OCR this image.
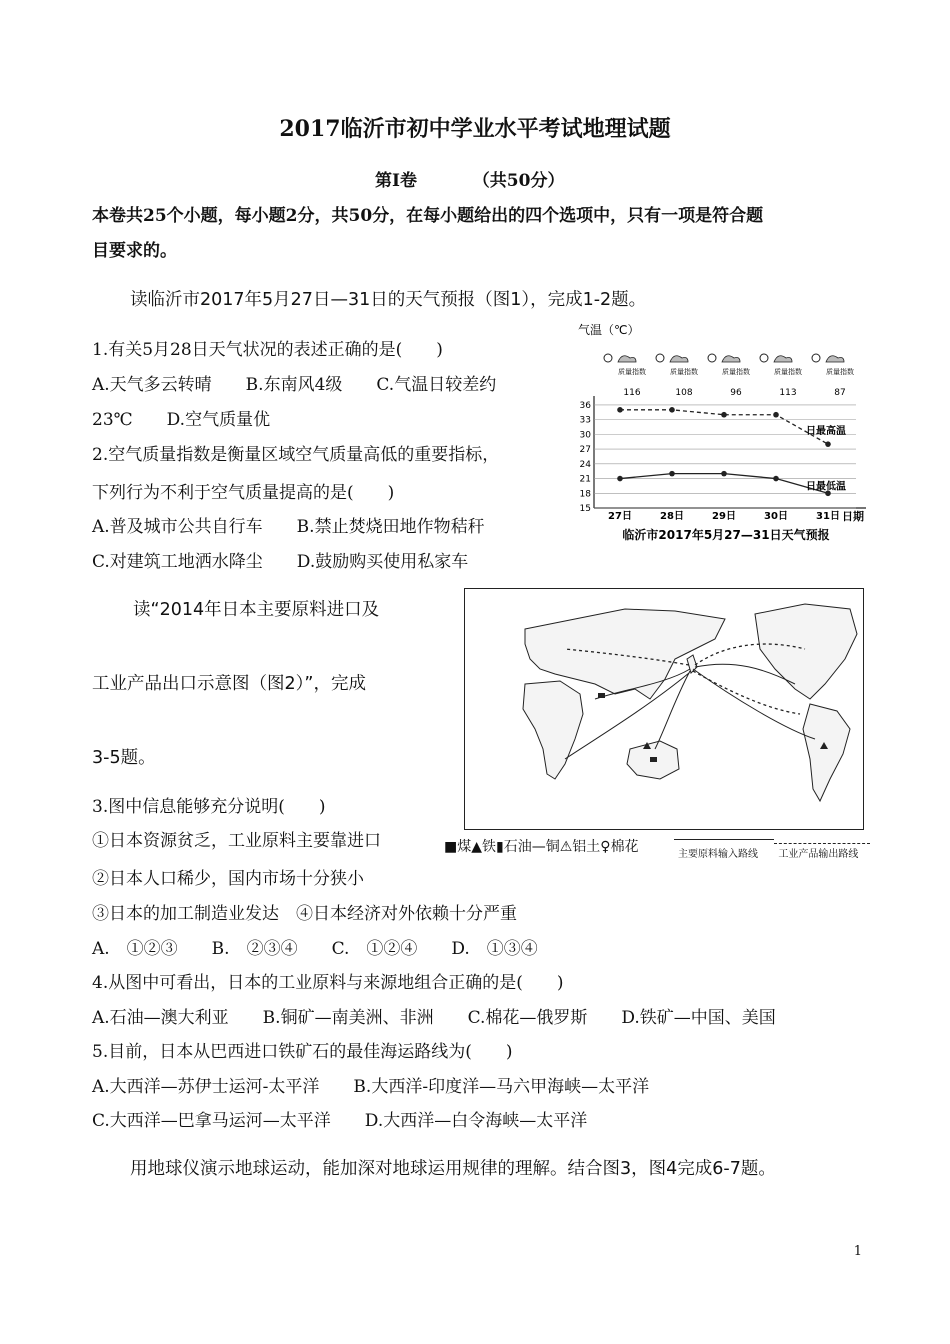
2017临沂市初中学业水平考试地理试题
第Ⅰ卷	（共50分）
本卷共25个小题，每小题2分，共50分，在每小题给出的四个选项中，只有一项是符合题
目要求的。
读临沂市2017年5月27日—31日的天气预报（图1），完成1-2题。
1.有关5月28日天气状况的表述正确的是(　　)
A.天气多云转晴　　B.东南风4级　　C.气温日较差约
23℃　　D.空气质量优
2.空气质量指数是衡量区域空气质量高低的重要指标，
下列行为不利于空气质量提高的是(　　)
A.普及城市公共自行车　　B.禁止焚烧田地作物秸秆
C.对建筑工地洒水降尘　　D.鼓励购买使用私家车
气温（℃）
质量指数
116
质量指数
108
质量指数
96
质量指数
113
质量指数
87
15
18
21
24
27
30
33
36
27日	28日	29日	30日	31日
日最高温
日最低温
临沂市2017年5月27—31日天气预报
日期
读“2014年日本主要原料进口及
工业产品出口示意图（图2）”，完成
3-5题。
■煤▲铁▮石油—铜⚠铝土♀棉花	主要原料输入路线 工业产品输出路线
3.图中信息能够充分说明(　　)
①日本资源贫乏，工业原料主要靠进口
②日本人口稀少，国内市场十分狭小
③日本的加工制造业发达　④日本经济对外依赖十分严重
A.　①②③　　B.　②③④　　C.　①②④　　D.　①③④
4.从图中可看出，日本的工业原料与来源地组合正确的是(　　)
A.石油—澳大利亚　　B.铜矿—南美洲、非洲　　C.棉花—俄罗斯　　D.铁矿—中国、美国
5.目前，日本从巴西进口铁矿石的最佳海运路线为(　　)
A.大西洋—苏伊士运河-太平洋　　B.大西洋-印度洋—马六甲海峡—太平洋
C.大西洋—巴拿马运河—太平洋　　D.大西洋—白令海峡—太平洋
用地球仪演示地球运动，能加深对地球运用规律的理解。结合图3，图4完成6-7题。
1
